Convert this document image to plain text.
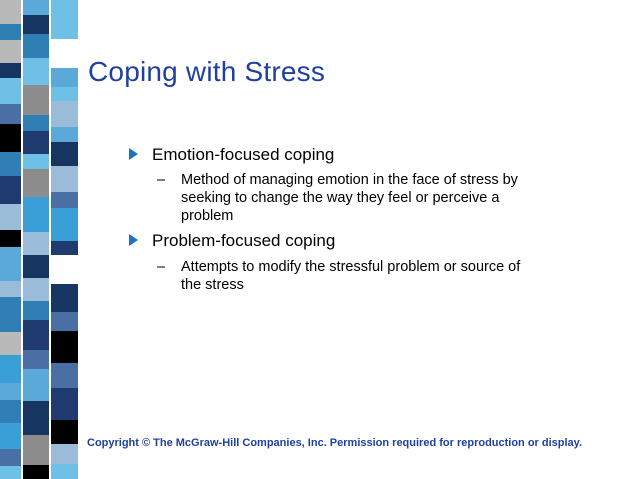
Coping with Stress
Emotion-focused coping
– Method of managing emotion in the face of stress by seeking to change the way they feel or perceive a problem
Problem-focused coping
– Attempts to modify the stressful problem or source of the stress
Copyright © The McGraw-Hill Companies, Inc. Permission required for reproduction or display.
